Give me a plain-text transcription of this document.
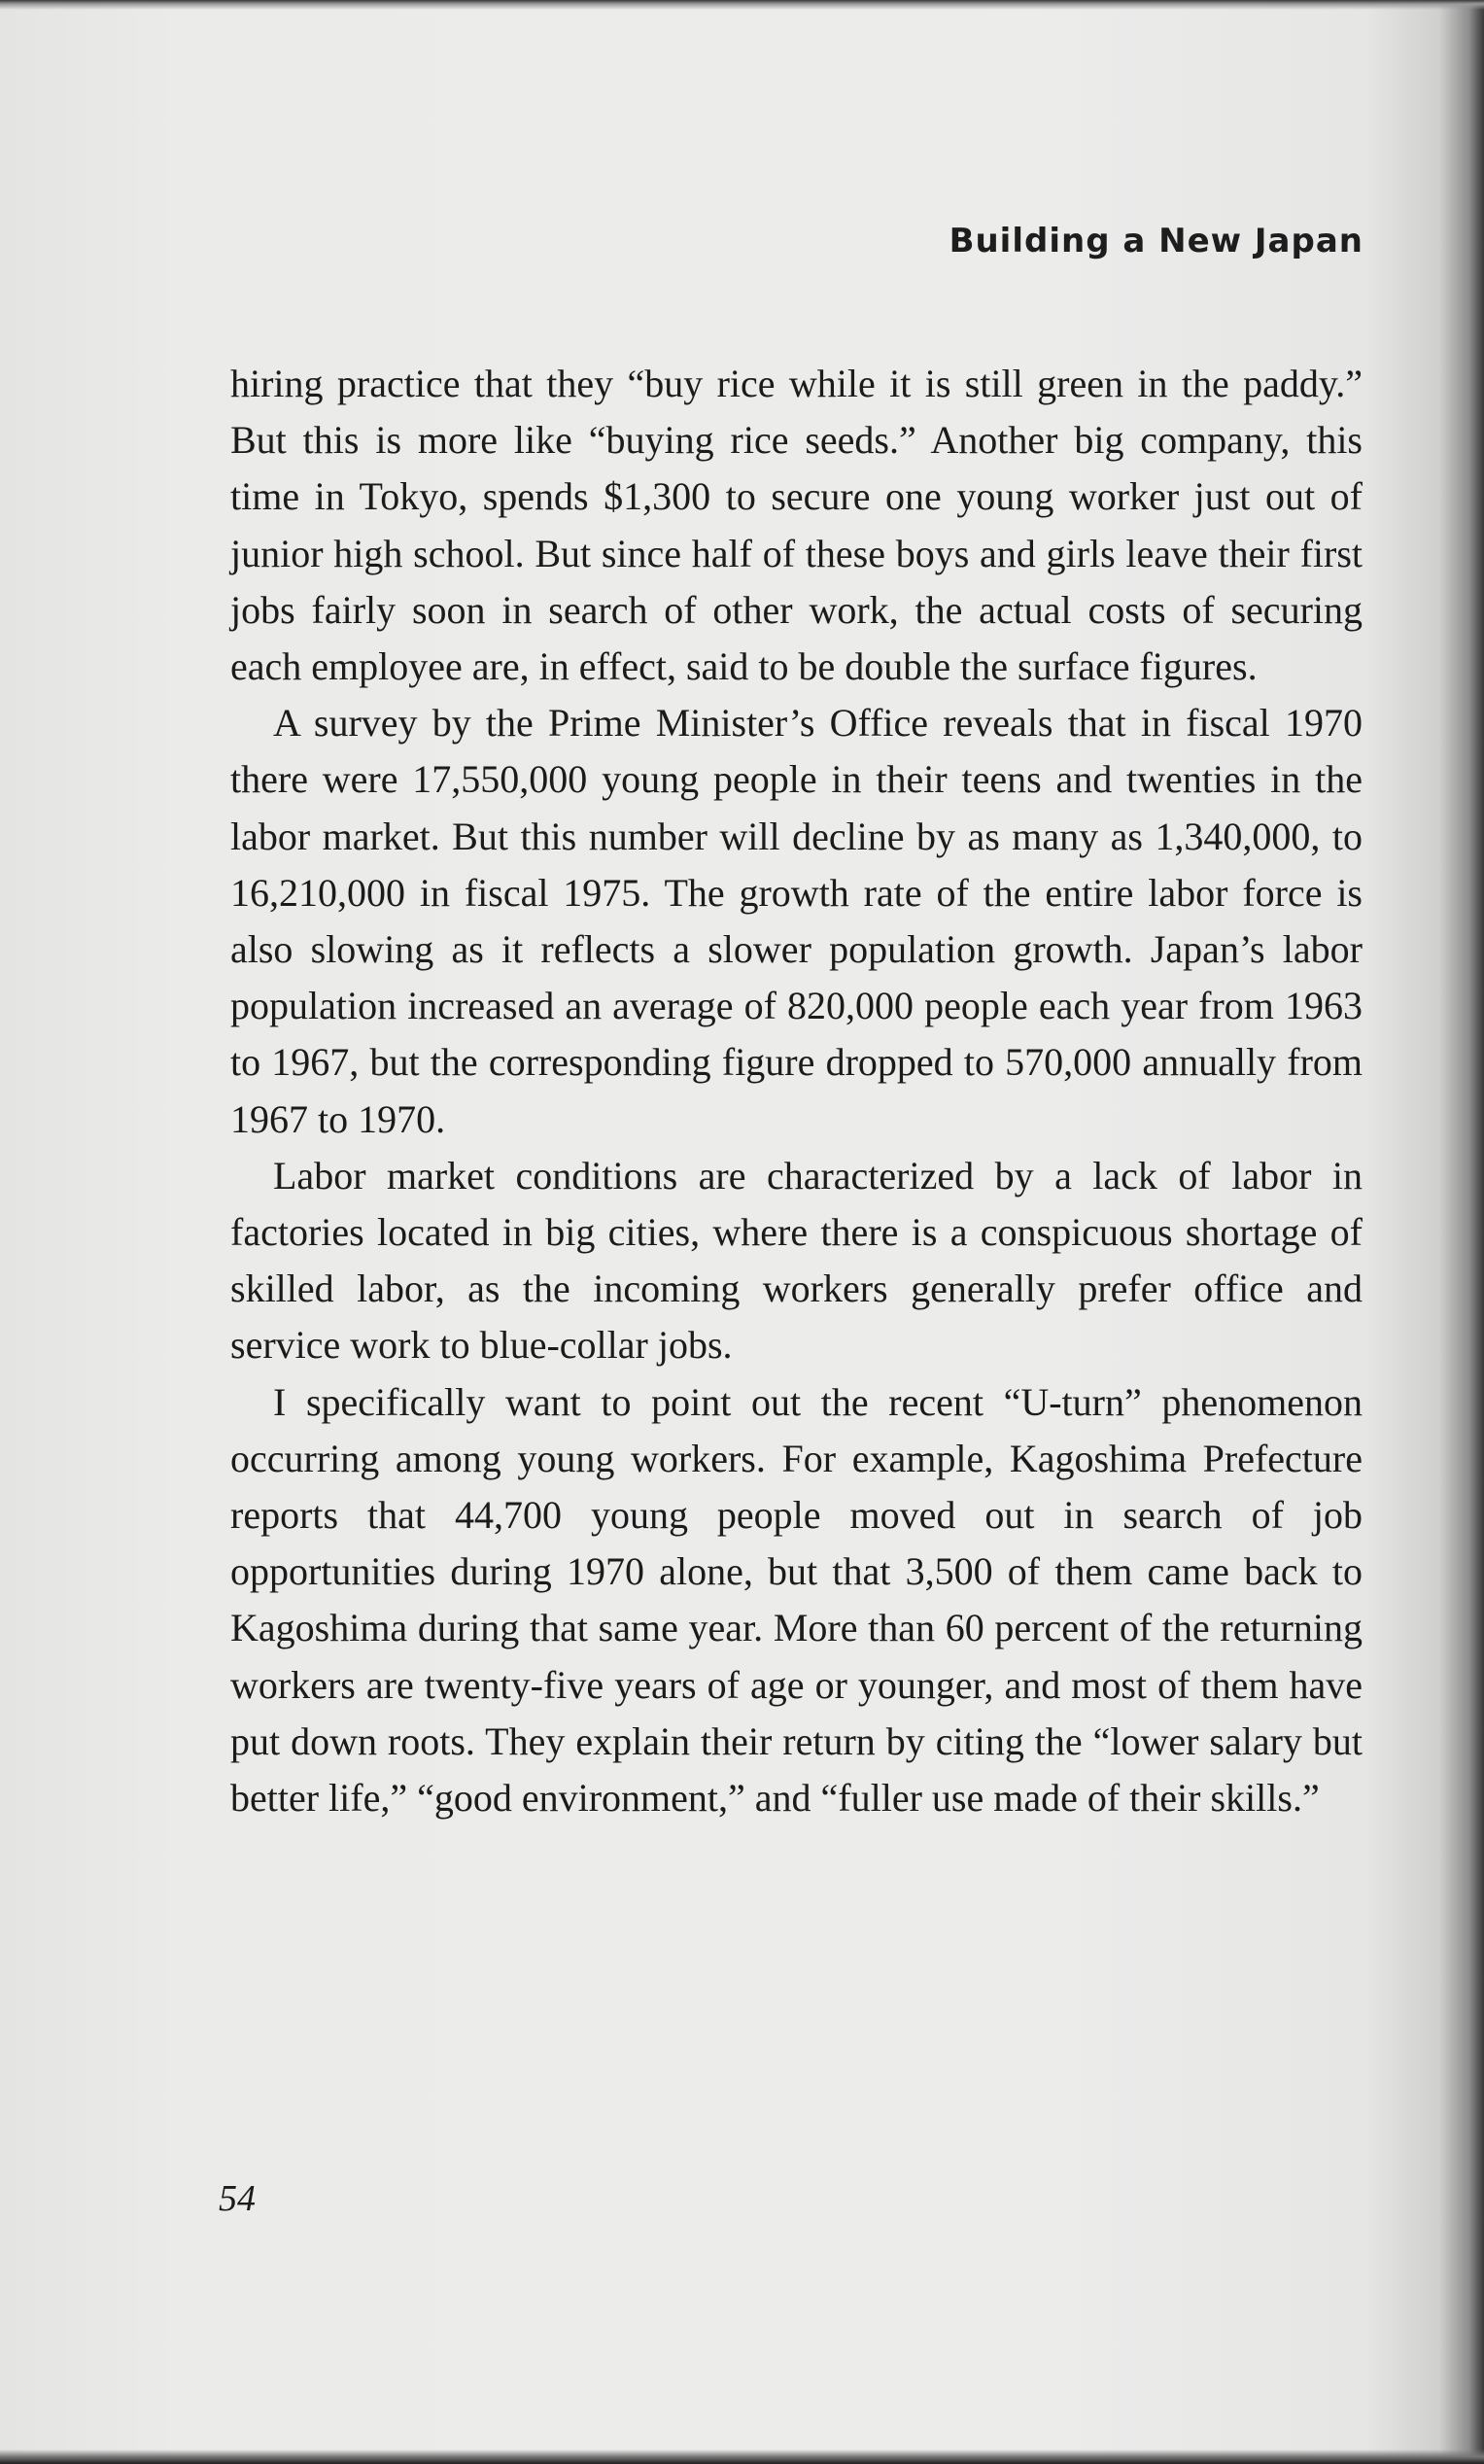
Building a New Japan

hiring practice that they “buy rice while it is still green in the paddy.” But this is more like “buying rice seeds.” Another big company, this time in Tokyo, spends $1,300 to secure one young worker just out of junior high school. But since half of these boys and girls leave their first jobs fairly soon in search of other work, the actual costs of securing each employee are, in effect, said to be double the surface figures.

A survey by the Prime Minister’s Office reveals that in fiscal 1970 there were 17,550,000 young people in their teens and twenties in the labor market. But this number will decline by as many as 1,340,000, to 16,210,000 in fiscal 1975. The growth rate of the entire labor force is also slowing as it reflects a slower population growth. Japan’s labor population increased an average of 820,000 people each year from 1963 to 1967, but the corresponding figure dropped to 570,000 annually from 1967 to 1970.

Labor market conditions are characterized by a lack of labor in factories located in big cities, where there is a conspicuous shortage of skilled labor, as the incoming workers generally prefer office and service work to blue-collar jobs.

I specifically want to point out the recent “U-turn” phenomenon occurring among young workers. For example, Kagoshima Prefecture reports that 44,700 young people moved out in search of job opportunities during 1970 alone, but that 3,500 of them came back to Kagoshima during that same year. More than 60 percent of the returning workers are twenty-five years of age or younger, and most of them have put down roots. They explain their return by citing the “lower salary but better life,” “good environment,” and “fuller use made of their skills.”

54
